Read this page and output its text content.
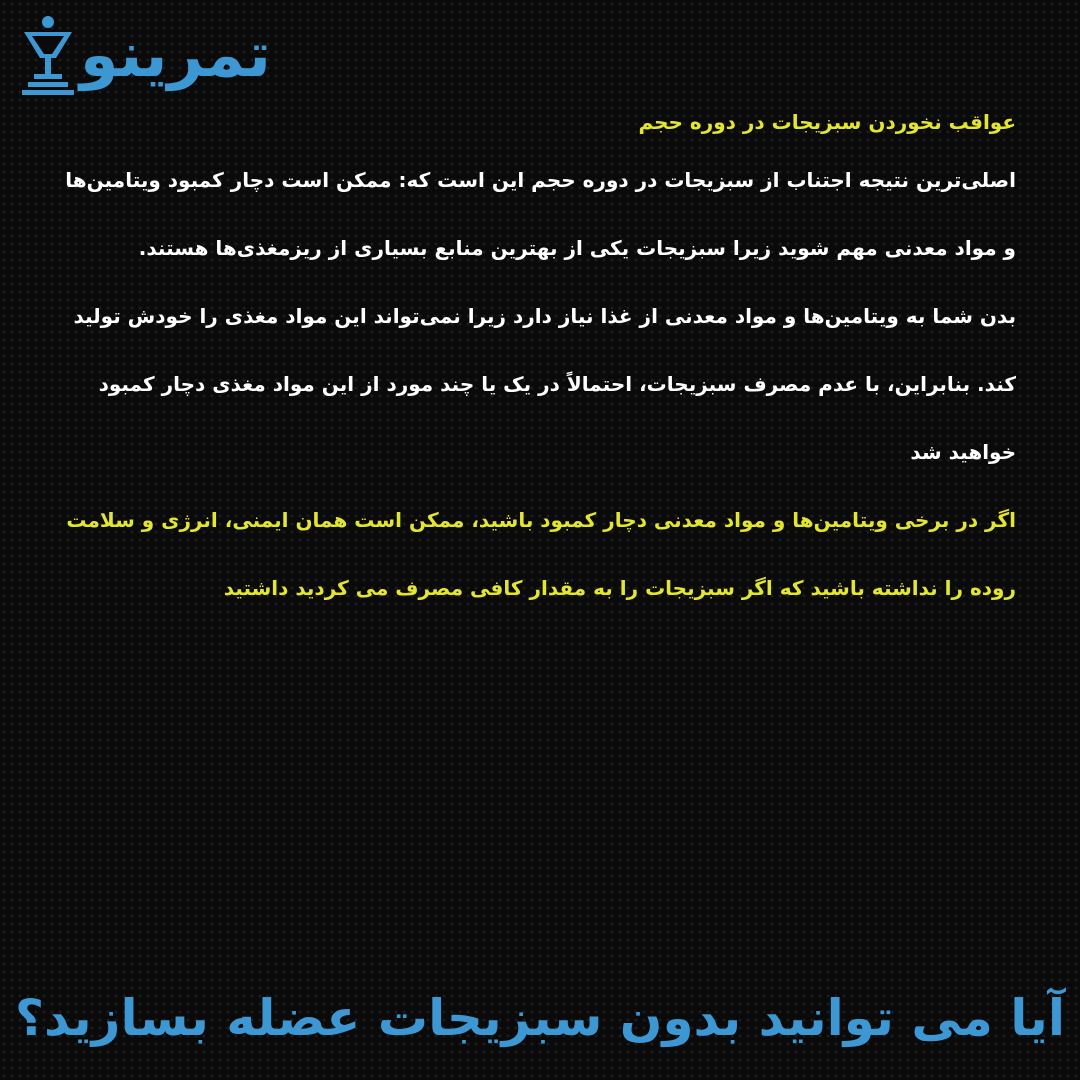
تمرینو

عواقب نخوردن سبزیجات در دوره حجم

اصلی‌ترین نتیجه اجتناب از سبزیجات در دوره حجم این است که: ممکن است دچار کمبود ویتامین‌ها و مواد معدنی مهم شوید زیرا سبزیجات یکی از بهترین منابع بسیاری از ریزمغذی‌ها هستند.

بدن شما به ویتامین‌ها و مواد معدنی از غذا نیاز دارد زیرا نمی‌تواند این مواد مغذی را خودش تولید کند. بنابراین، با عدم مصرف سبزیجات، احتمالاً در یک یا چند مورد از این مواد مغذی دچار کمبود خواهید شد

اگر در برخی ویتامین‌ها و مواد معدنی دچار کمبود باشید، ممکن است همان ایمنی، انرژی و سلامت روده را نداشته باشید که اگر سبزیجات را به مقدار کافی مصرف می کردید داشتید

آیا می توانید بدون سبزیجات عضله بسازید؟
